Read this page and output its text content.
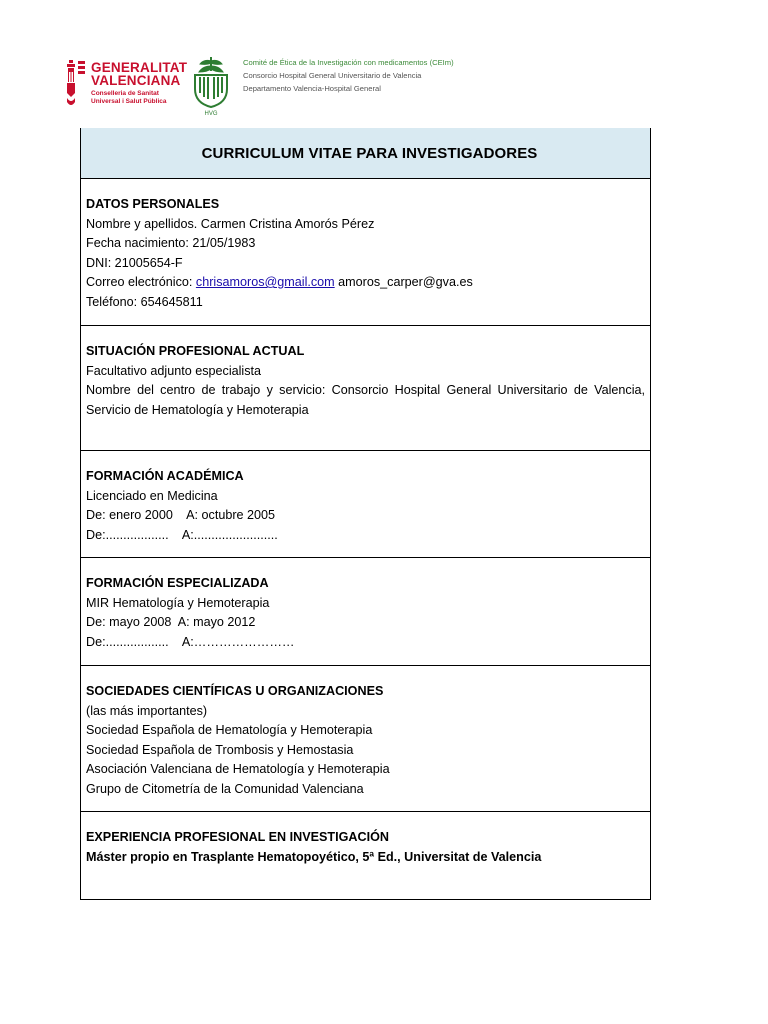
GENERALITAT
VALENCIANA
Conselleria de Sanitat
Universal i Salut Pública
HVG
Comité de Ética de la Investigación con medicamentos (CEIm)
Consorcio Hospital General Universitario de Valencia
Departamento Valencia-Hospital General
CURRICULUM VITAE PARA INVESTIGADORES
DATOS PERSONALES

Nombre y apellidos. Carmen Cristina Amorós Pérez

Fecha nacimiento: 21/05/1983

DNI: 21005654-F

Correo electrónico: chrisamoros@gmail.com amoros_carper@gva.es

Teléfono: 654645811

SITUACIÓN PROFESIONAL ACTUAL

Facultativo adjunto especialista

Nombre del centro de trabajo y servicio: Consorcio Hospital General Universitario de Valencia, Servicio de Hematología y Hemoterapia

FORMACIÓN ACADÉMICA

Licenciado en Medicina

De: enero 2000    A: octubre 2005

De:..................    A:........................

FORMACIÓN ESPECIALIZADA

MIR Hematología y Hemoterapia

De: mayo 2008  A: mayo 2012

De:..................    A:……………………

SOCIEDADES CIENTÍFICAS U ORGANIZACIONES

(las más importantes)

Sociedad Española de Hematología y Hemoterapia

Sociedad Española de Trombosis y Hemostasia

Asociación Valenciana de Hematología y Hemoterapia

Grupo de Citometría de la Comunidad Valenciana

EXPERIENCIA PROFESIONAL EN INVESTIGACIÓN

Máster propio en Trasplante Hematopoyético, 5ª Ed., Universitat de Valencia
